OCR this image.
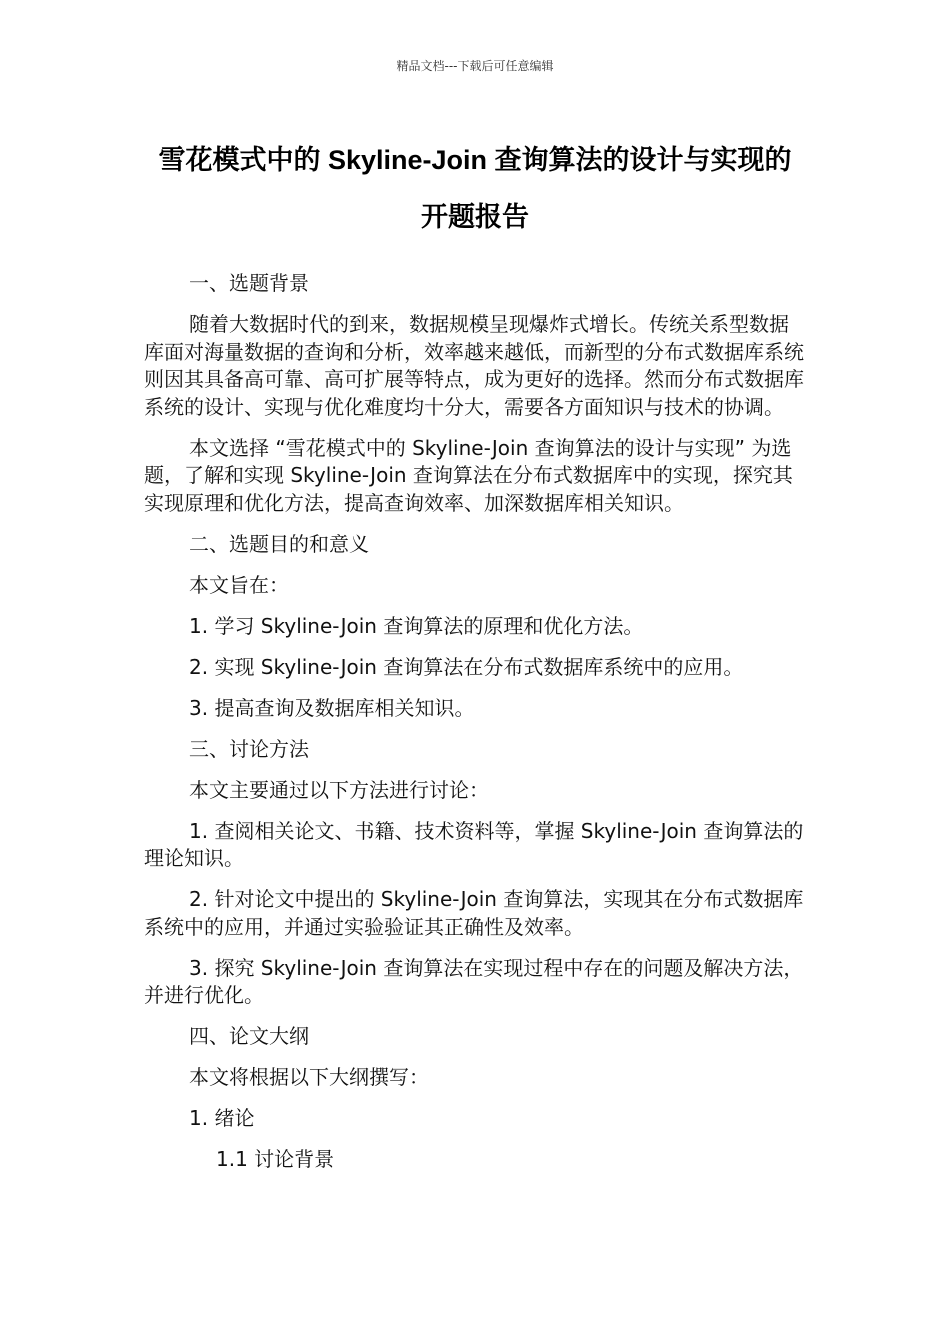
精品文档---下载后可任意编辑
雪花模式中的 Skyline-Join 查询算法的设计与实现的
开题报告

一、选题背景

随着大数据时代的到来，数据规模呈现爆炸式增长。传统关系型数据库面对海量数据的查询和分析，效率越来越低，而新型的分布式数据库系统则因其具备高可靠、高可扩展等特点，成为更好的选择。然而分布式数据库系统的设计、实现与优化难度均十分大，需要各方面知识与技术的协调。

本文选择 “雪花模式中的 Skyline-Join 查询算法的设计与实现” 为选题，了解和实现 Skyline-Join 查询算法在分布式数据库中的实现，探究其实现原理和优化方法，提高查询效率、加深数据库相关知识。

二、选题目的和意义

本文旨在：

1. 学习 Skyline-Join 查询算法的原理和优化方法。

2. 实现 Skyline-Join 查询算法在分布式数据库系统中的应用。

3. 提高查询及数据库相关知识。

三、讨论方法

本文主要通过以下方法进行讨论：

1. 查阅相关论文、书籍、技术资料等，掌握 Skyline-Join 查询算法的理论知识。

2. 针对论文中提出的 Skyline-Join 查询算法，实现其在分布式数据库系统中的应用，并通过实验验证其正确性及效率。

3. 探究 Skyline-Join 查询算法在实现过程中存在的问题及解决方法，并进行优化。

四、论文大纲

本文将根据以下大纲撰写：

1. 绪论

1.1 讨论背景
